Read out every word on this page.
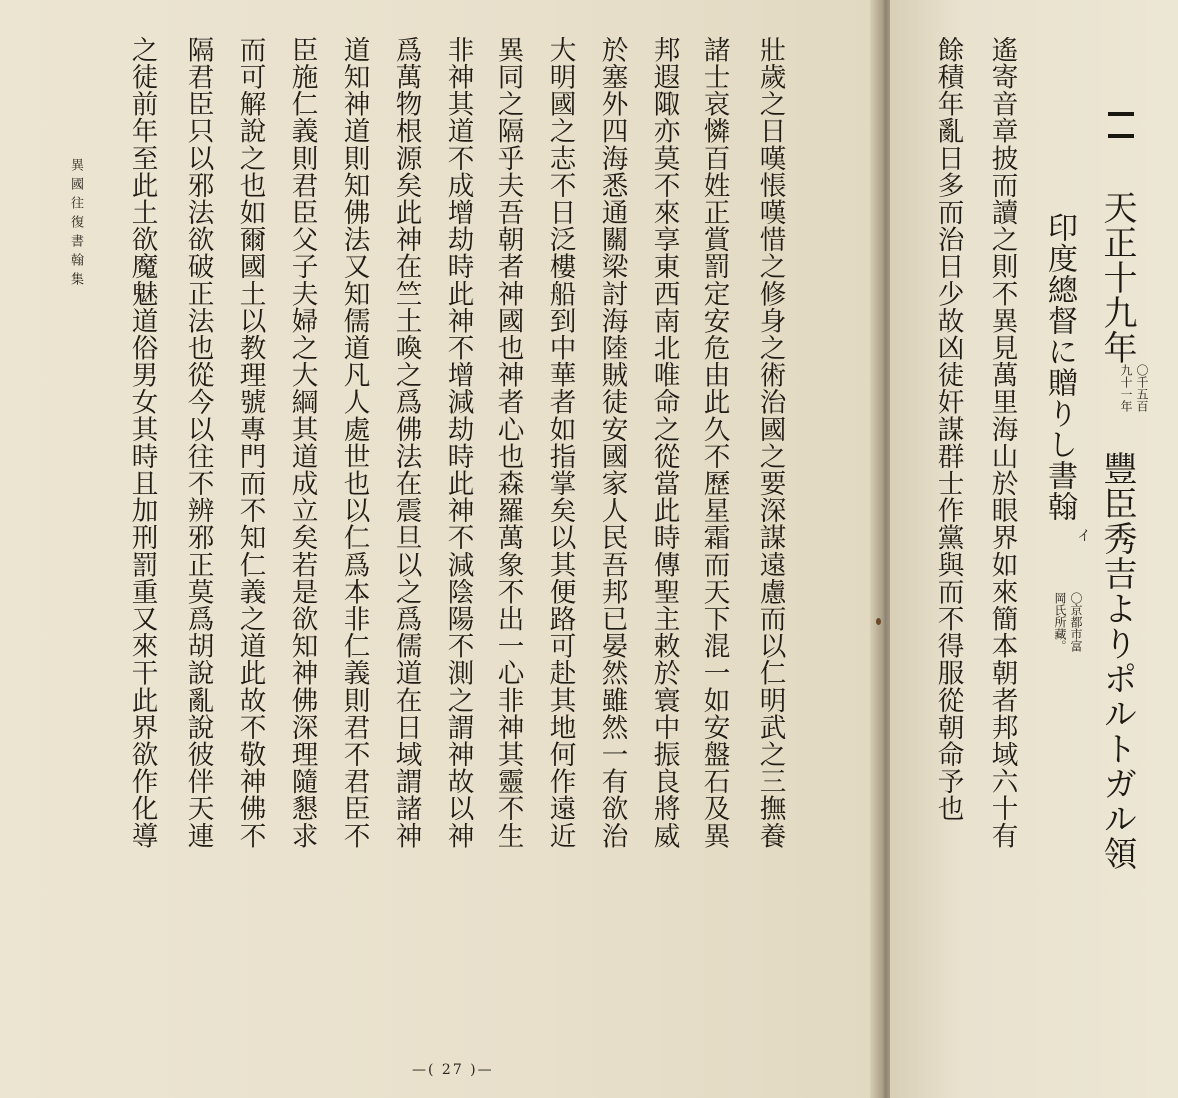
壯歲之日嘆悵嘆惜之修身之術治國之要深謀遠慮而以仁明武之三撫養
諸士哀憐百姓正賞罰定安危由此久不歷星霜而天下混一如安盤石及異
邦遐陬亦莫不來享東西南北唯命之從當此時傳聖主敕於寰中振良將威
於塞外四海悉通關梁討海陸賊徒安國家人民吾邦已晏然雖然一有欲治
大明國之志不日泛樓船到中華者如指掌矣以其便路可赴其地何作遠近
異同之隔乎夫吾朝者神國也神者心也森羅萬象不出一心非神其靈不生
非神其道不成增劫時此神不增減劫時此神不減陰陽不測之謂神故以神
爲萬物根源矣此神在竺土喚之爲佛法在震旦以之爲儒道在日域謂諸神
道知神道則知佛法又知儒道凡人處世也以仁爲本非仁義則君不君臣不
臣施仁義則君臣父子夫婦之大綱其道成立矣若是欲知神佛深理隨懇求
而可解說之也如爾國土以教理號專門而不知仁義之道此故不敬神佛不
隔君臣只以邪法欲破正法也從今以往不辨邪正莫爲胡說亂說彼伴天連
之徒前年至此土欲魔魅道俗男女其時且加刑罰重又來干此界欲作化導
異國往復書翰集
—( 27 )—
天正十九年豐臣秀吉よりポルトガル領
〇千五百
九十一年
印度總督に贈りし書翰
イ
〇京都市富
岡氏所藏。
遙寄音章披而讀之則不異見萬里海山於眼界如來簡本朝者邦域六十有
餘積年亂日多而治日少故凶徒奸謀群士作黨與而不得服從朝命予也
